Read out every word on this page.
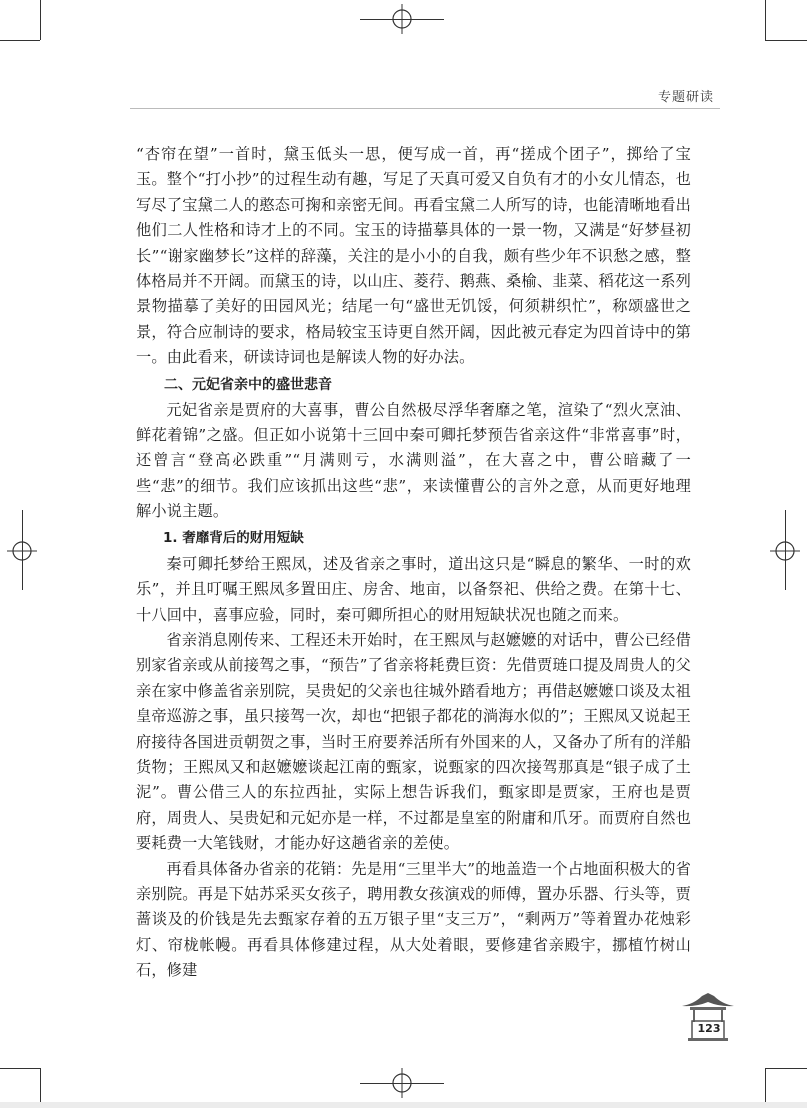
专题研读

“杏帘在望”一首时，黛玉低头一思，便写成一首，再“搓成个团子”，掷给了宝玉。整个“打小抄”的过程生动有趣，写足了天真可爱又自负有才的小女儿情态，也写尽了宝黛二人的憨态可掬和亲密无间。再看宝黛二人所写的诗，也能清晰地看出他们二人性格和诗才上的不同。宝玉的诗描摹具体的一景一物，又满是“好梦昼初长”“谢家幽梦长”这样的辞藻，关注的是小小的自我，颇有些少年不识愁之感，整体格局并不开阔。而黛玉的诗，以山庄、菱荇、鹅燕、桑榆、韭菜、稻花这一系列景物描摹了美好的田园风光；结尾一句“盛世无饥馁，何须耕织忙”，称颂盛世之景，符合应制诗的要求，格局较宝玉诗更自然开阔，因此被元春定为四首诗中的第一。由此看来，研读诗词也是解读人物的好办法。

二、元妃省亲中的盛世悲音

元妃省亲是贾府的大喜事，曹公自然极尽浮华奢靡之笔，渲染了“烈火烹油、鲜花着锦”之盛。但正如小说第十三回中秦可卿托梦预告省亲这件“非常喜事”时，还曾言“登高必跌重”“月满则亏，水满则溢”，在大喜之中，曹公暗藏了一些“悲”的细节。我们应该抓出这些“悲”，来读懂曹公的言外之意，从而更好地理解小说主题。

1. 奢靡背后的财用短缺

秦可卿托梦给王熙凤，述及省亲之事时，道出这只是“瞬息的繁华、一时的欢乐”，并且叮嘱王熙凤多置田庄、房舍、地亩，以备祭祀、供给之费。在第十七、十八回中，喜事应验，同时，秦可卿所担心的财用短缺状况也随之而来。

省亲消息刚传来、工程还未开始时，在王熙凤与赵嬷嬷的对话中，曹公已经借别家省亲或从前接驾之事，“预告”了省亲将耗费巨资：先借贾琏口提及周贵人的父亲在家中修盖省亲别院，吴贵妃的父亲也往城外踏看地方；再借赵嬷嬷口谈及太祖皇帝巡游之事，虽只接驾一次，却也“把银子都花的淌海水似的”；王熙凤又说起王府接待各国进贡朝贺之事，当时王府要养活所有外国来的人，又备办了所有的洋船货物；王熙凤又和赵嬷嬷谈起江南的甄家，说甄家的四次接驾那真是“银子成了土泥”。曹公借三人的东拉西扯，实际上想告诉我们，甄家即是贾家，王府也是贾府，周贵人、吴贵妃和元妃亦是一样，不过都是皇室的附庸和爪牙。而贾府自然也要耗费一大笔钱财，才能办好这趟省亲的差使。

再看具体备办省亲的花销：先是用“三里半大”的地盖造一个占地面积极大的省亲别院。再是下姑苏采买女孩子，聘用教女孩演戏的师傅，置办乐器、行头等，贾蔷谈及的价钱是先去甄家存着的五万银子里“支三万”，“剩两万”等着置办花烛彩灯、帘栊帐幔。再看具体修建过程，从大处着眼，要修建省亲殿宇，挪植竹树山石，修建

123
